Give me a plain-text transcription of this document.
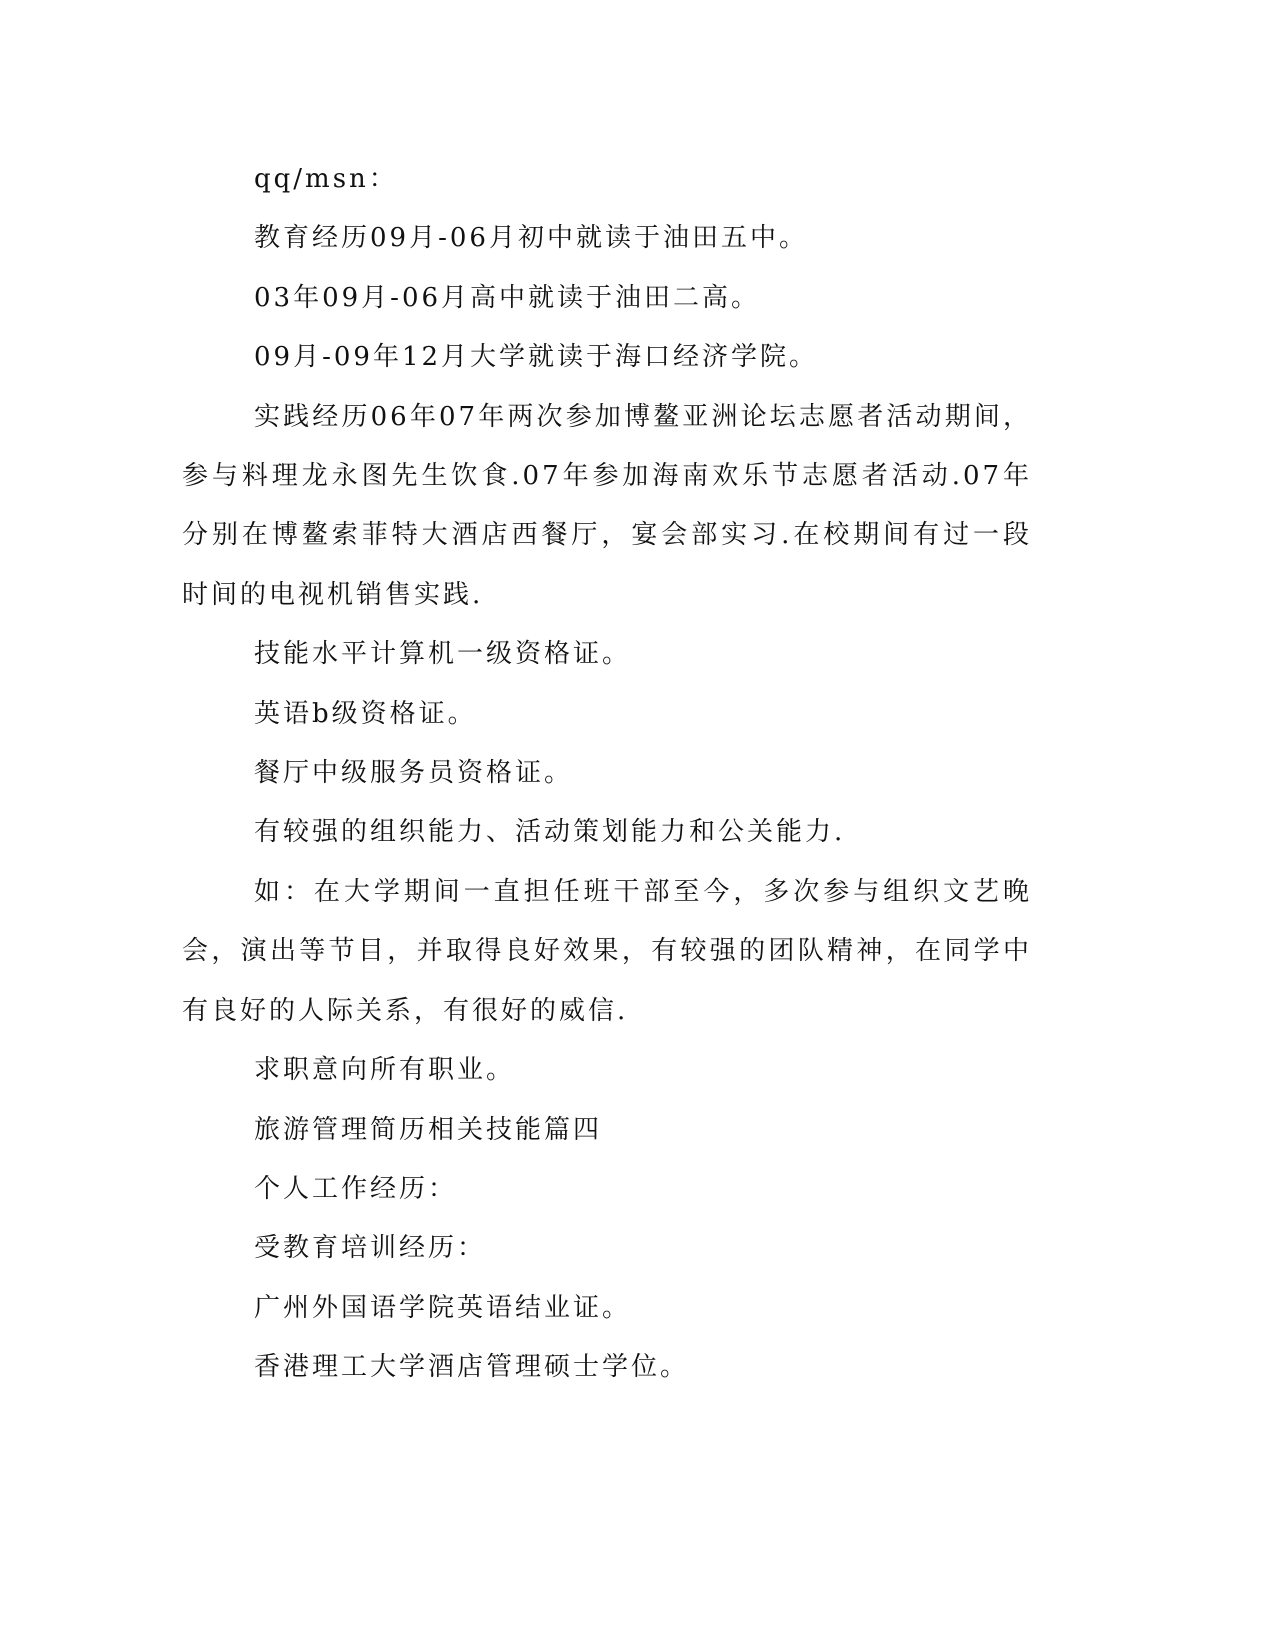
qq/msn：

教育经历09月-06月初中就读于油田五中。

03年09月-06月高中就读于油田二高。

09月-09年12月大学就读于海口经济学院。

实践经历06年07年两次参加博鳌亚洲论坛志愿者活动期间，参与料理龙永图先生饮食.07年参加海南欢乐节志愿者活动.07年分别在博鳌索菲特大酒店西餐厅，宴会部实习.在校期间有过一段时间的电视机销售实践.

技能水平计算机一级资格证。

英语b级资格证。

餐厅中级服务员资格证。

有较强的组织能力、活动策划能力和公关能力.

如：在大学期间一直担任班干部至今，多次参与组织文艺晚会，演出等节目，并取得良好效果，有较强的团队精神，在同学中有良好的人际关系，有很好的威信.

求职意向所有职业。

旅游管理简历相关技能篇四

个人工作经历：

受教育培训经历：

广州外国语学院英语结业证。

香港理工大学酒店管理硕士学位。
